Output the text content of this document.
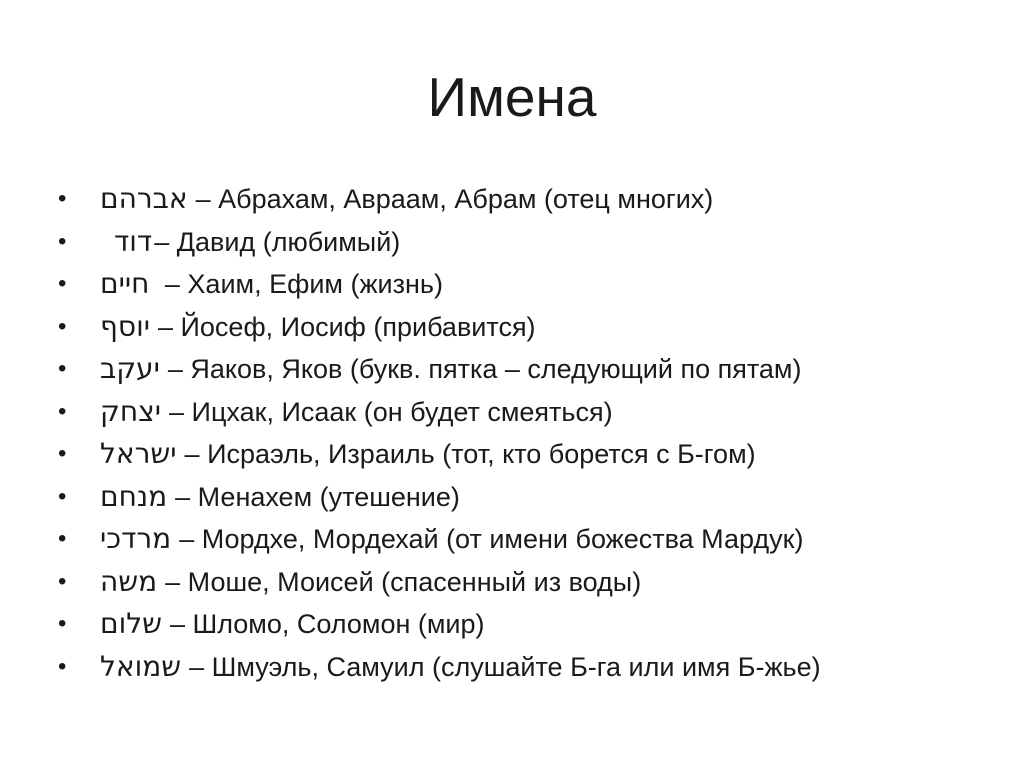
Имена
•	אברהם – Абрахам, Авраам, Абрам (отец многих)
•	דוד – Давид (любимый)
•	חיים – Хаим, Ефим (жизнь)
•	יוסף – Йосеф, Иосиф (прибавится)
•	יעקב – Яаков, Яков (букв. пятка – следующий по пятам)
•	יצחק – Ицхак, Исаак (он будет смеяться)
•	ישראל – Исраэль, Израиль (тот, кто борется с Б-гом)
•	מנחם – Менахем (утешение)
•	מרדכי – Мордхе, Мордехай (от имени божества Мардук)
•	משה – Моше, Моисей (спасенный из воды)
•	שלום – Шломо, Соломон (мир)
•	שמואל – Шмуэль, Самуил (слушайте Б-га или имя Б-жье)
